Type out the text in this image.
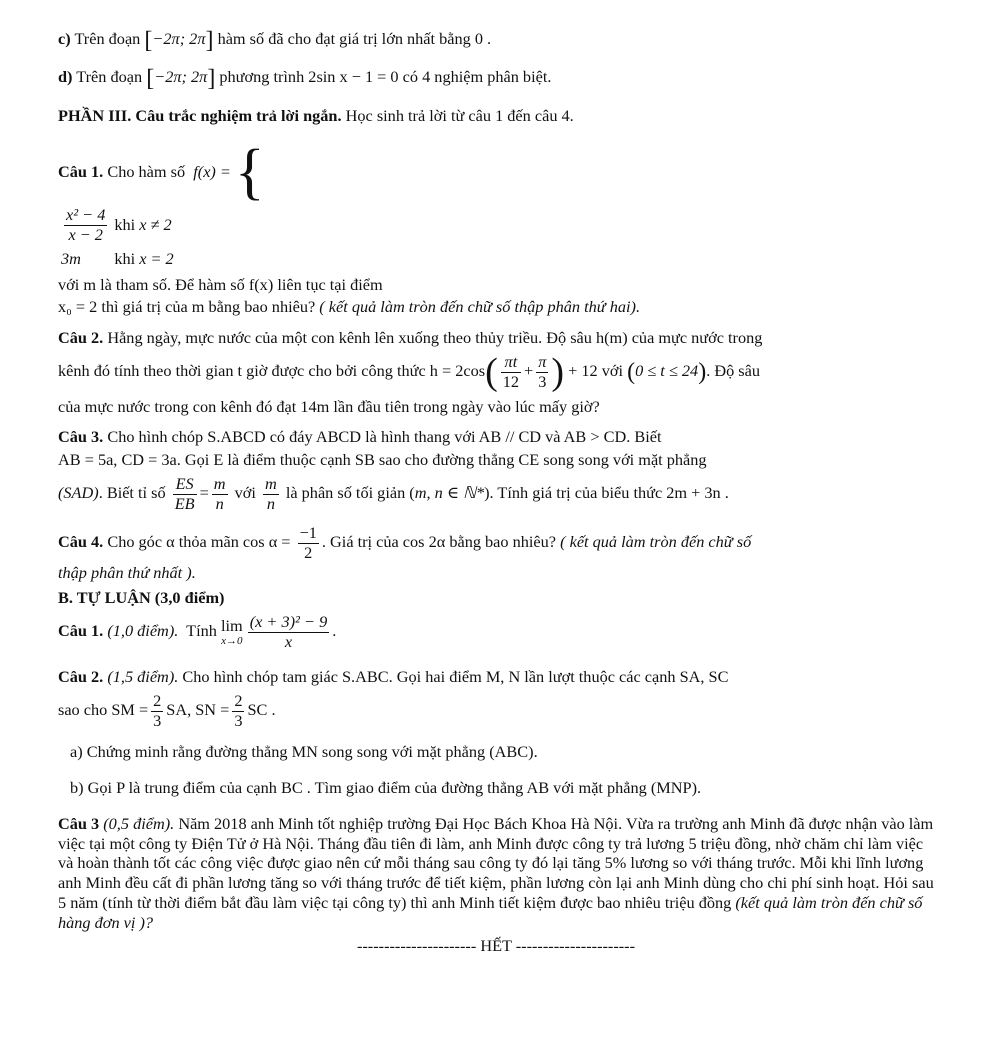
c) Trên đoạn [−2π; 2π] hàm số đã cho đạt giá trị lớn nhất bằng 0 .

d) Trên đoạn [−2π; 2π] phương trình 2sin x − 1 = 0 có 4 nghiệm phân biệt.

PHẦN III. Câu trắc nghiệm trả lời ngắn. Học sinh trả lời từ câu 1 đến câu 4.

Câu 1.
Cho hàm số
f(x) = {

$\frac{\text{x² − 4}}{x - 2}$	khi	x ≠ 2
3m	khi	x = 2
với m là tham số. Để hàm số f(x) liên tục tại điểm

x₀ = 2 thì giá trị của m bằng bao nhiêu? ( kết quả làm tròn đến chữ số thập phân thứ hai).

Câu 2. Hằng ngày, mực nước của một con kênh lên xuống theo thủy triều. Độ sâu h(m) của mực nước trong

kênh đó tính theo thời gian t giờ được cho bởi công thức $h = 2\cos( \frac{\pi t}{12} + \frac{\pi}{3}$ ) + 12 với (0 ≤ t ≤ 24). Độ sâu

của mực nước trong con kênh đó đạt 14m lần đầu tiên trong ngày vào lúc mấy giờ?

Câu 3. Cho hình chóp S.ABCD có đáy ABCD là hình thang với AB // CD và AB > CD. Biết

AB = 5a, CD = 3a. Gọi E là điểm thuộc cạnh SB sao cho đường thẳng CE song song với mặt phẳng

(SAD). Biết tỉ số $\frac{ES}{EB} = \frac{m}{n}$ với $\frac{m}{n}$ là phân số tối giản (m, n ∈ ℕ*). Tính giá trị của biểu thức 2m + 3n .

Câu 4. Cho góc α thỏa mãn $\cos \alpha = \frac{-1}{2}$ . Giá trị của cos 2α bằng bao nhiêu? ( kết quả làm tròn đến chữ số

thập phân thứ nhất ).

B. TỰ LUẬN (3,0 điểm)

Câu 1. (1,0 điểm). Tính lim
$x\to 0 \frac{\text{(x + 3)² − 9}}{x}$ .

Câu 2. (1,5 điểm). Cho hình chóp tam giác S.ABC. Gọi hai điểm M, N lần lượt thuộc các cạnh SA, SC

sao cho SM = $\frac{2}{3}$ SA, SN = $\frac{2}{3}$ SC .

a) Chứng minh rằng đường thẳng MN song song với mặt phẳng (ABC).

b) Gọi P là trung điểm của cạnh BC . Tìm giao điểm của đường thẳng AB với mặt phẳng (MNP).

Câu 3 (0,5 điểm). Năm 2018 anh Minh tốt nghiệp trường Đại Học Bách Khoa Hà Nội. Vừa ra trường anh Minh đã được nhận vào làm việc tại một công ty Điện Tử ở Hà Nội. Tháng đầu tiên đi làm, anh Minh được công ty trả lương 5 triệu đồng, nhờ chăm chỉ làm việc và hoàn thành tốt các công việc được giao nên cứ mỗi tháng sau công ty đó lại tăng 5% lương so với tháng trước. Mỗi khi lĩnh lương anh Minh đều cất đi phần lương tăng so với tháng trước để tiết kiệm, phần lương còn lại anh Minh dùng cho chi phí sinh hoạt. Hỏi sau 5 năm (tính từ thời điểm bắt đầu làm việc tại công ty) thì anh Minh tiết kiệm được bao nhiêu triệu đồng (kết quả làm tròn đến chữ số hàng đơn vị )?

---------------------- HẾT ----------------------
